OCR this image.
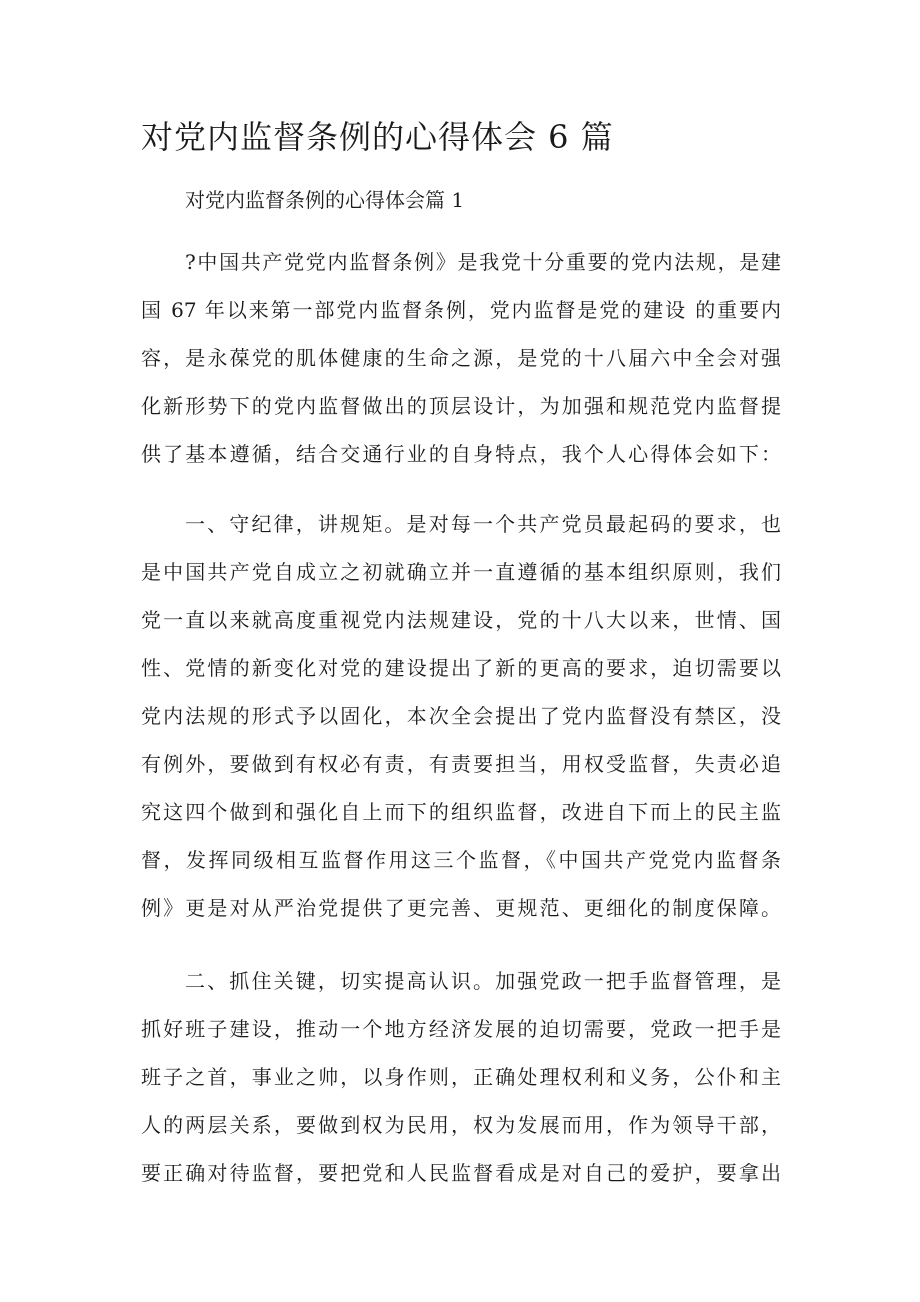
对党内监督条例的心得体会 6 篇

对党内监督条例的心得体会篇 1

?中国共产党党内监督条例》是我党十分重要的党内法规，是建
国 67 年以来第一部党内监督条例，党内监督是党的建设 的重要内
容，是永葆党的肌体健康的生命之源，是党的十八届六中全会对强
化新形势下的党内监督做出的顶层设计，为加强和规范党内监督提
供了基本遵循，结合交通行业的自身特点，我个人心得体会如下：
一、守纪律，讲规矩。是对每一个共产党员最起码的要求，也
是中国共产党自成立之初就确立并一直遵循的基本组织原则，我们
党一直以来就高度重视党内法规建设，党的十八大以来，世情、国
性、党情的新变化对党的建设提出了新的更高的要求，迫切需要以
党内法规的形式予以固化，本次全会提出了党内监督没有禁区，没
有例外，要做到有权必有责，有责要担当，用权受监督，失责必追
究这四个做到和强化自上而下的组织监督，改进自下而上的民主监
督，发挥同级相互监督作用这三个监督，《中国共产党党内监督条
例》更是对从严治党提供了更完善、更规范、更细化的制度保障。
二、抓住关键，切实提高认识。加强党政一把手监督管理，是
抓好班子建设，推动一个地方经济发展的迫切需要，党政一把手是
班子之首，事业之帅，以身作则，正确处理权利和义务，公仆和主
人的两层关系，要做到权为民用，权为发展而用，作为领导干部，
要正确对待监督，要把党和人民监督看成是对自己的爱护，要拿出
